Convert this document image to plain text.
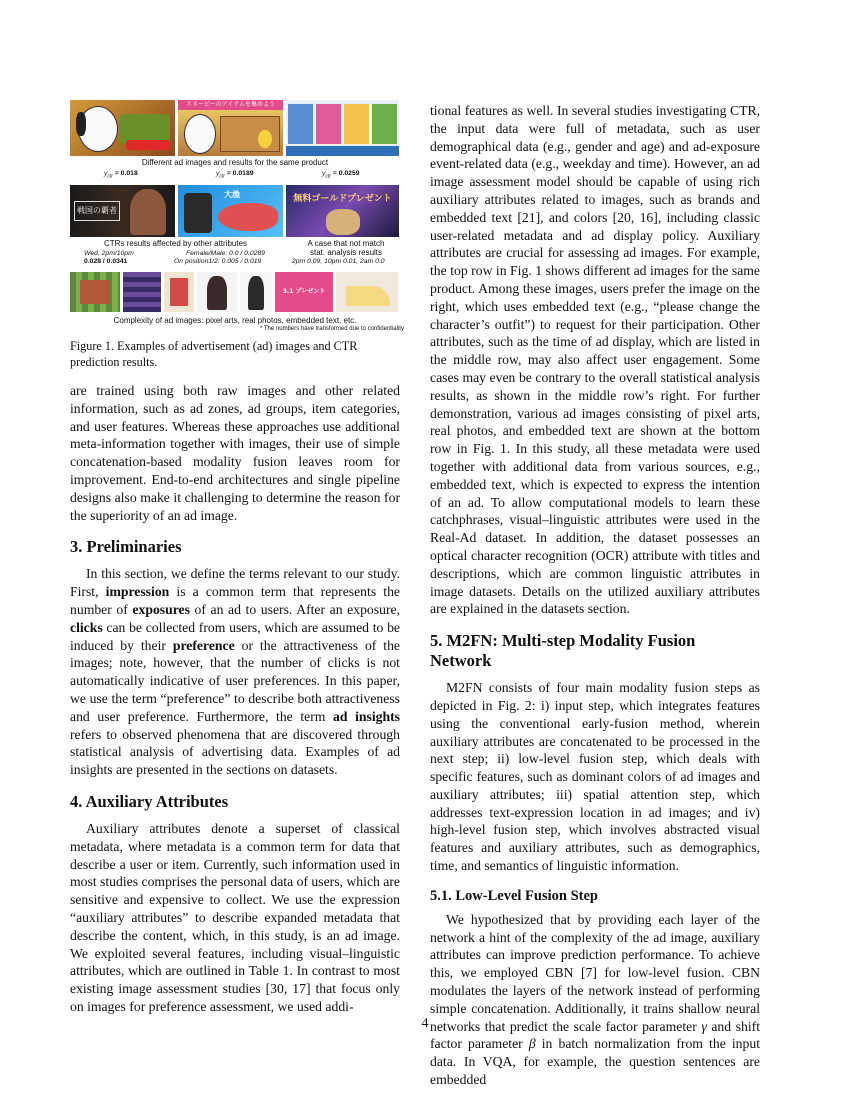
スヌーピーのアイテムを集めよう
Different ad images and results for the same product
$y_{ctr} = 0.018$	$y_{ctr} = 0.0189$	$y_{ctr} = 0.0259$
戦国の覇者
大漁	無料ゴールドプレゼント
CTRs results affected by other attributes	A case that not match
stat. analysis results
Wed, 2pm/10pm
0.028 / 0.0341
Female/Male: 0.0 / 0.0289
On position1/2: 0.005 / 0.019	2pm 0.09, 10pm 0.01, 2am 0.0
3.1 プレゼント
Complexity of ad images: pixel arts, real photos, embedded text, etc.
* The numbers have transformed due to confidentiality

Figure 1. Examples of advertisement (ad) images and CTR prediction results.

are trained using both raw images and other related information, such as ad zones, ad groups, item categories, and user features. Whereas these approaches use additional meta-information together with images, their use of simple concatenation-based modality fusion leaves room for improvement. End-to-end architectures and single pipeline designs also make it challenging to determine the reason for the superiority of an ad image.

3. Preliminaries

In this section, we define the terms relevant to our study. First, impression is a common term that represents the number of exposures of an ad to users. After an exposure, clicks can be collected from users, which are assumed to be induced by their preference or the attractiveness of the images; note, however, that the number of clicks is not automatically indicative of user preferences. In this paper, we use the term “preference” to describe both attractiveness and user preference. Furthermore, the term ad insights refers to observed phenomena that are discovered through statistical analysis of advertising data. Examples of ad insights are presented in the sections on datasets.

4. Auxiliary Attributes

Auxiliary attributes denote a superset of classical metadata, where metadata is a common term for data that describe a user or item. Currently, such information used in most studies comprises the personal data of users, which are sensitive and expensive to collect. We use the expression “auxiliary attributes” to describe expanded metadata that describe the content, which, in this study, is an ad image. We exploited several features, including visual–linguistic attributes, which are outlined in Table 1. In contrast to most existing image assessment studies [30, 17] that focus only on images for preference assessment, we used addi-

tional features as well. In several studies investigating CTR, the input data were full of metadata, such as user demographical data (e.g., gender and age) and ad-exposure event-related data (e.g., weekday and time). However, an ad image assessment model should be capable of using rich auxiliary attributes related to images, such as brands and embedded text [21], and colors [20, 16], including classic user-related metadata and ad display policy. Auxiliary attributes are crucial for assessing ad images. For example, the top row in Fig. 1 shows different ad images for the same product. Among these images, users prefer the image on the right, which uses embedded text (e.g., “please change the character’s outfit”) to request for their participation. Other attributes, such as the time of ad display, which are listed in the middle row, may also affect user engagement. Some cases may even be contrary to the overall statistical analysis results, as shown in the middle row’s right. For further demonstration, various ad images consisting of pixel arts, real photos, and embedded text are shown at the bottom row in Fig. 1. In this study, all these metadata were used together with additional data from various sources, e.g., embedded text, which is expected to express the intention of an ad. To allow computational models to learn these catchphrases, visual–linguistic attributes were used in the Real-Ad dataset. In addition, the dataset possesses an optical character recognition (OCR) attribute with titles and descriptions, which are common linguistic attributes in image datasets. Details on the utilized auxiliary attributes are explained in the datasets section.

5. M2FN: Multi-step Modality Fusion Network

M2FN consists of four main modality fusion steps as depicted in Fig. 2: i) input step, which integrates features using the conventional early-fusion method, wherein auxiliary attributes are concatenated to be processed in the next step; ii) low-level fusion step, which deals with specific features, such as dominant colors of ad images and auxiliary attributes; iii) spatial attention step, which addresses text-expression location in ad images; and iv) high-level fusion step, which involves abstracted visual features and auxiliary attributes, such as demographics, time, and semantics of linguistic information.

5.1. Low-Level Fusion Step

We hypothesized that by providing each layer of the network a hint of the complexity of the ad image, auxiliary attributes can improve prediction performance. To achieve this, we employed CBN [7] for low-level fusion. CBN modulates the layers of the network instead of performing simple concatenation. Additionally, it trains shallow neural networks that predict the scale factor parameter γ and shift factor parameter β in batch normalization from the input data. In VQA, for example, the question sentences are embedded

4
